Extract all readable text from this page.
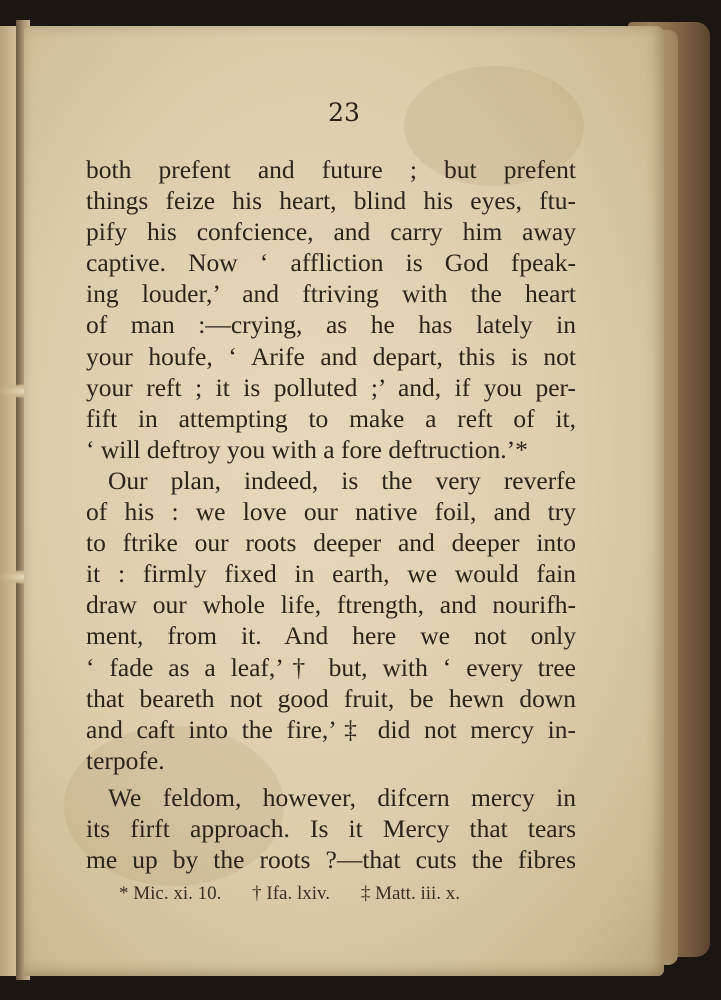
23
both prefent and future ; but prefent
things feize his heart, blind his eyes, ftu-
pify his confcience, and carry him away
captive. Now ‘ affliction is God fpeak-
ing louder,’ and ftriving with the heart
of man :—crying, as he has lately in
your houfe, ‘ Arife and depart, this is not
your reft ; it is polluted ;’ and, if you per-
fift in attempting to make a reft of it,
‘ will deftroy you with a fore deftruction.’*
Our plan, indeed, is the very reverfe
of his : we love our native foil, and try
to ftrike our roots deeper and deeper into
it : firmly fixed in earth, we would fain
draw our whole life, ftrength, and nourifh-
ment, from it. And here we not only
‘ fade as a leaf,’† but, with ‘ every tree
that beareth not good fruit, be hewn down
and caft into the fire,’‡ did not mercy in-
terpofe.
We feldom, however, difcern mercy in
its firft approach. Is it Mercy that tears
me up by the roots ?—that cuts the fibres
* Mic. xi. 10. † Ifa. lxiv. ‡ Matt. iii. x.
